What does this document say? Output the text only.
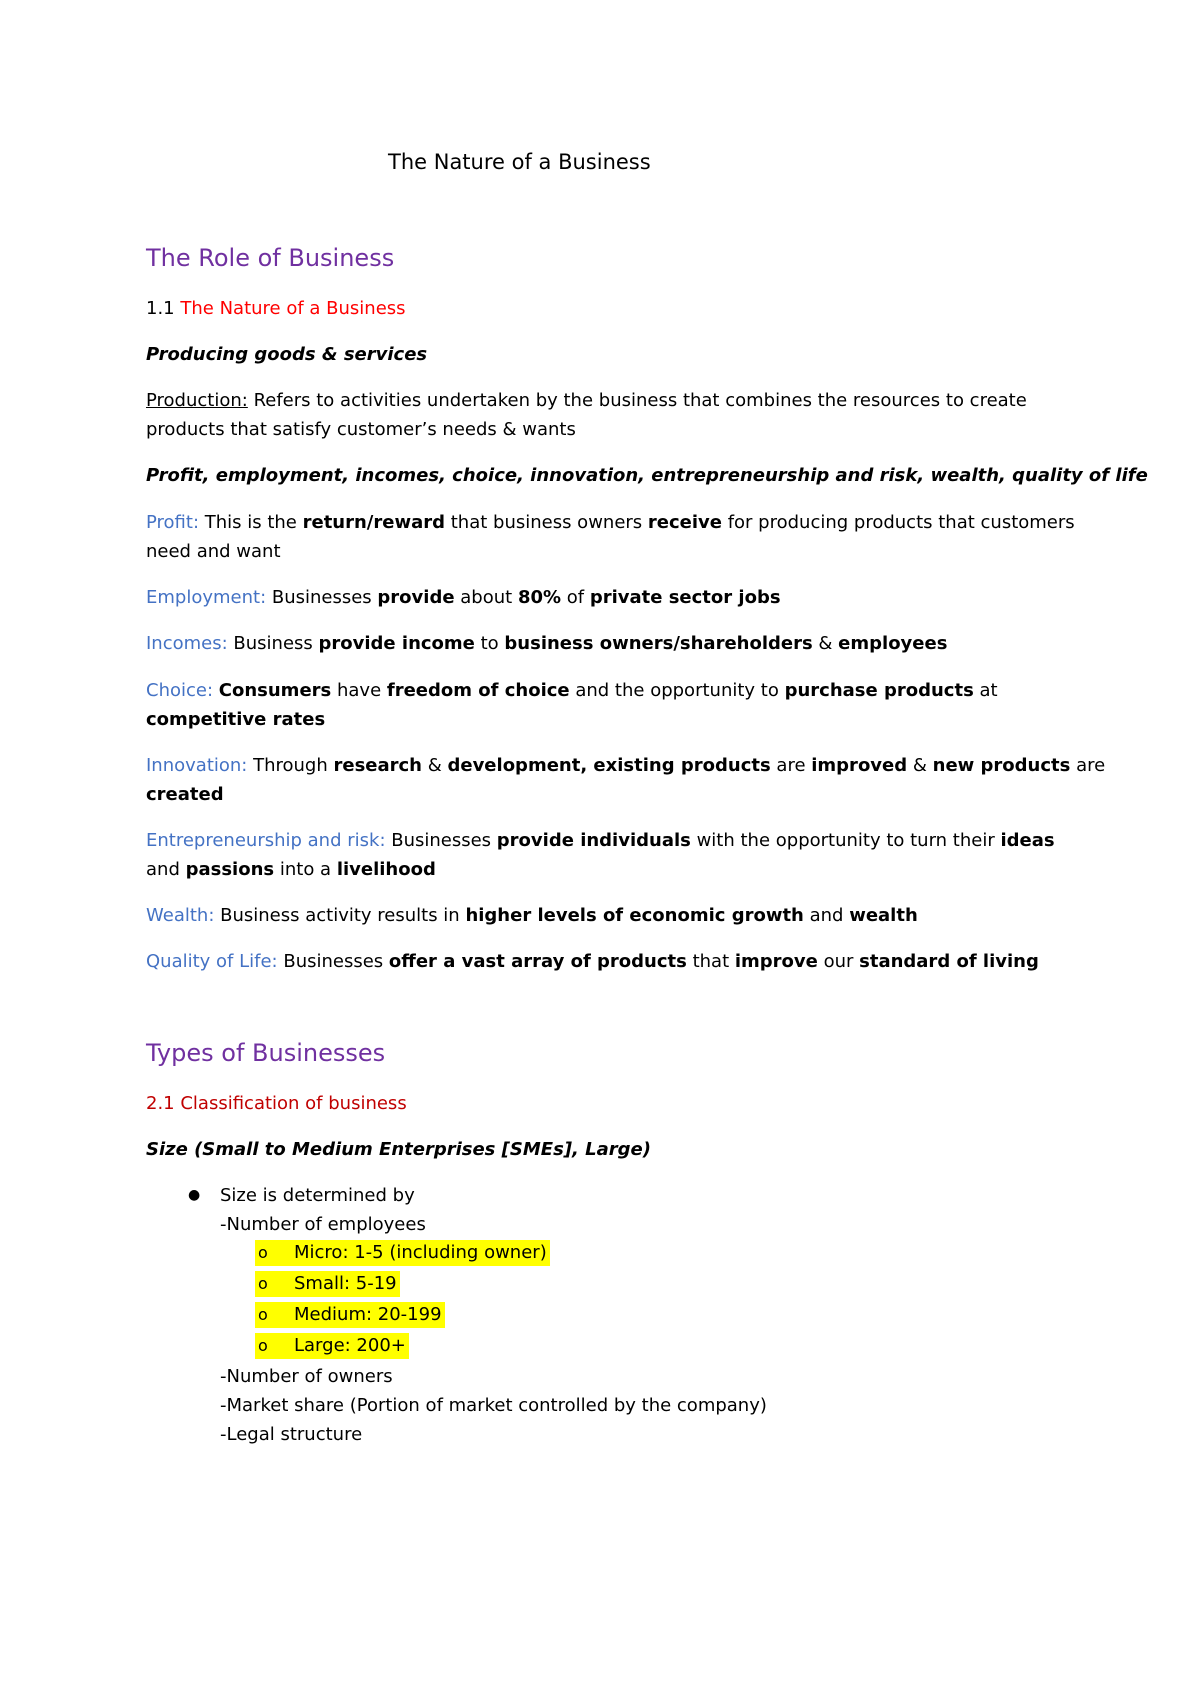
The Nature of a Business
The Role of Business
1.1 The Nature of a Business
Producing goods & services
Production: Refers to activities undertaken by the business that combines the resources to create
products that satisfy customer’s needs & wants
Profit, employment, incomes, choice, innovation, entrepreneurship and risk, wealth, quality of life
Profit: This is the return/reward that business owners receive for producing products that customers
need and want
Employment: Businesses provide about 80% of private sector jobs
Incomes: Business provide income to business owners/shareholders & employees
Choice: Consumers have freedom of choice and the opportunity to purchase products at
competitive rates
Innovation: Through research & development, existing products are improved & new products are
created
Entrepreneurship and risk: Businesses provide individuals with the opportunity to turn their ideas
and passions into a livelihood
Wealth: Business activity results in higher levels of economic growth and wealth
Quality of Life: Businesses offer a vast array of products that improve our standard of living
Types of Businesses
2.1 Classification of business
Size (Small to Medium Enterprises [SMEs], Large)
● Size is determined by
-Number of employees
o Micro: 1-5 (including owner)
o Small: 5-19
o Medium: 20-199
o Large: 200+
-Number of owners
-Market share (Portion of market controlled by the company)
-Legal structure
